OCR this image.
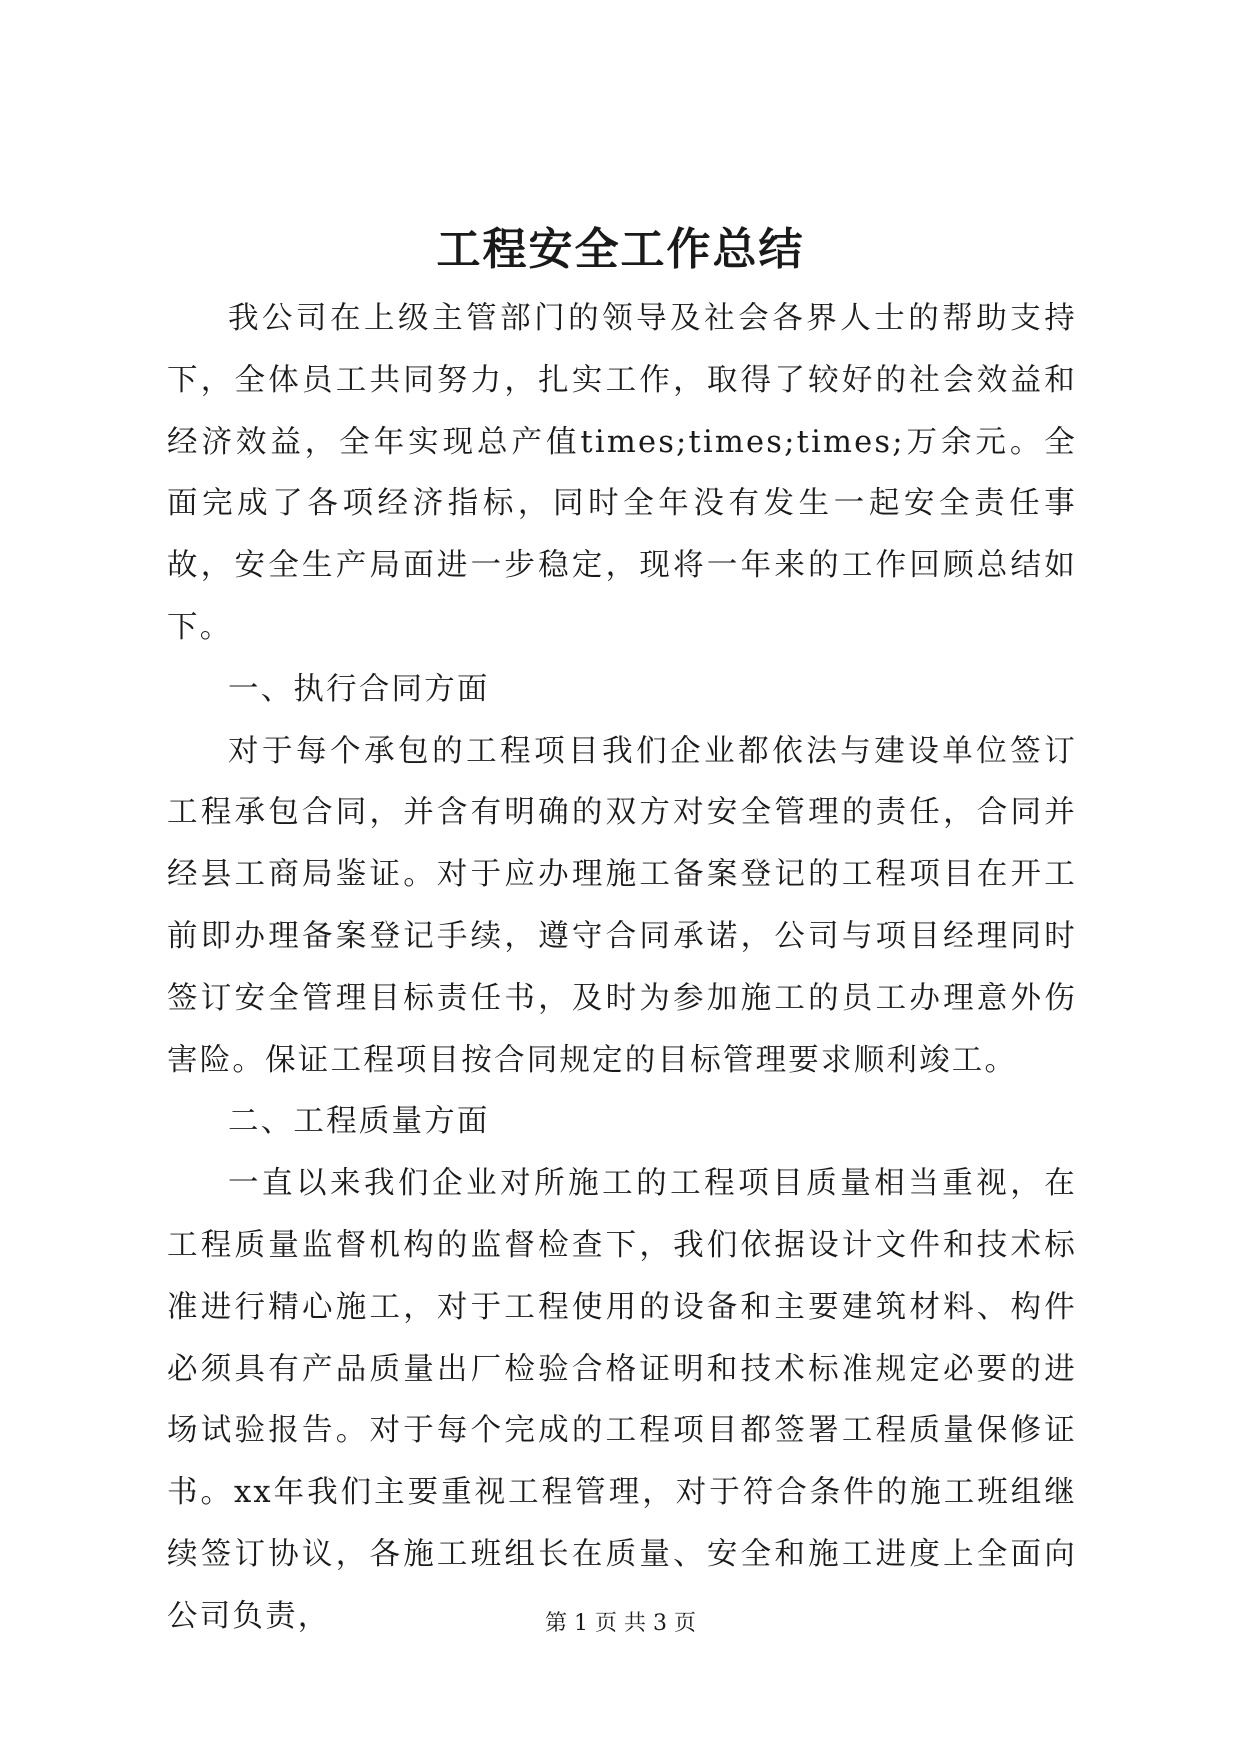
工程安全工作总结

我公司在上级主管部门的领导及社会各界人士的帮助支持下，全体员工共同努力，扎实工作，取得了较好的社会效益和经济效益，全年实现总产值times;times;times;万余元。全面完成了各项经济指标，同时全年没有发生一起安全责任事故，安全生产局面进一步稳定，现将一年来的工作回顾总结如下。

一、执行合同方面

对于每个承包的工程项目我们企业都依法与建设单位签订工程承包合同，并含有明确的双方对安全管理的责任，合同并经县工商局鉴证。对于应办理施工备案登记的工程项目在开工前即办理备案登记手续，遵守合同承诺，公司与项目经理同时签订安全管理目标责任书，及时为参加施工的员工办理意外伤害险。保证工程项目按合同规定的目标管理要求顺利竣工。

二、工程质量方面

一直以来我们企业对所施工的工程项目质量相当重视，在工程质量监督机构的监督检查下，我们依据设计文件和技术标准进行精心施工，对于工程使用的设备和主要建筑材料、构件必须具有产品质量出厂检验合格证明和技术标准规定必要的进场试验报告。对于每个完成的工程项目都签署工程质量保修证书。xx年我们主要重视工程管理，对于符合条件的施工班组继续签订协议，各施工班组长在质量、安全和施工进度上全面向公司负责，	第 1 页 共 3 页
